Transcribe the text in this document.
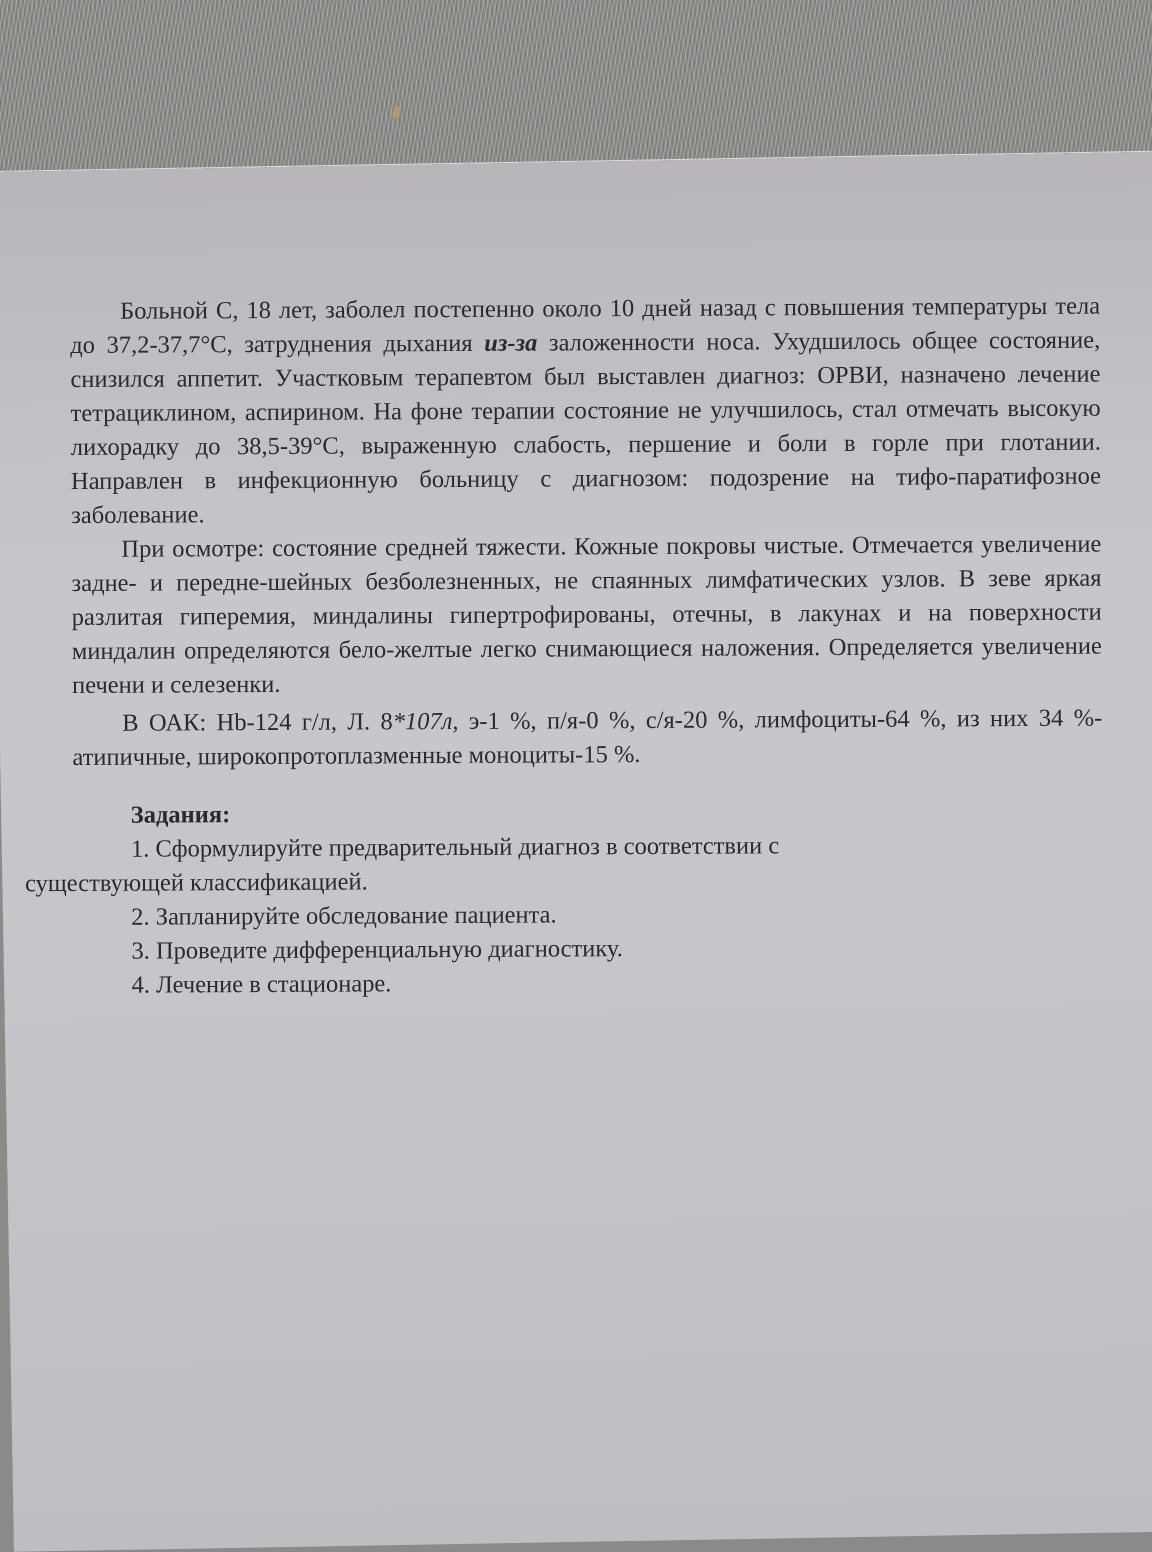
Больной С, 18 лет, заболел постепенно около 10 дней назад с повышения температуры тела до 37,2-37,7°С, затруднения дыхания из-за заложенности носа. Ухудшилось общее состояние, снизился аппетит. Участковым терапевтом был выставлен диагноз: ОРВИ, назначено лечение тетрациклином, аспирином. На фоне терапии состояние не улучшилось, стал отмечать высокую лихорадку до 38,5-39°С, выраженную слабость, першение и боли в горле при глотании. Направлен в инфекционную больницу с диагнозом: подозрение на тифо-паратифозное заболевание.

При осмотре: состояние средней тяжести. Кожные покровы чистые. Отмечается увеличение задне- и передне-шейных безболезненных, не спаянных лимфатических узлов. В зеве яркая разлитая гиперемия, миндалины гипертрофированы, отечны, в лакунах и на поверхности миндалин определяются бело-желтые легко снимающиеся наложения. Определяется увеличение печени и селезенки.

В ОАК: Hb-124 г/л, Л. 8*107л, э-1 %, п/я-0 %, с/я-20 %, лимфоциты-64 %, из них 34 %-атипичные, широкопротоплазменные моноциты-15 %.

Задания:

1. Сформулируйте предварительный диагноз в соответствии с существующей классификацией.

2. Запланируйте обследование пациента.

3. Проведите дифференциальную диагностику.

4. Лечение в стационаре.
